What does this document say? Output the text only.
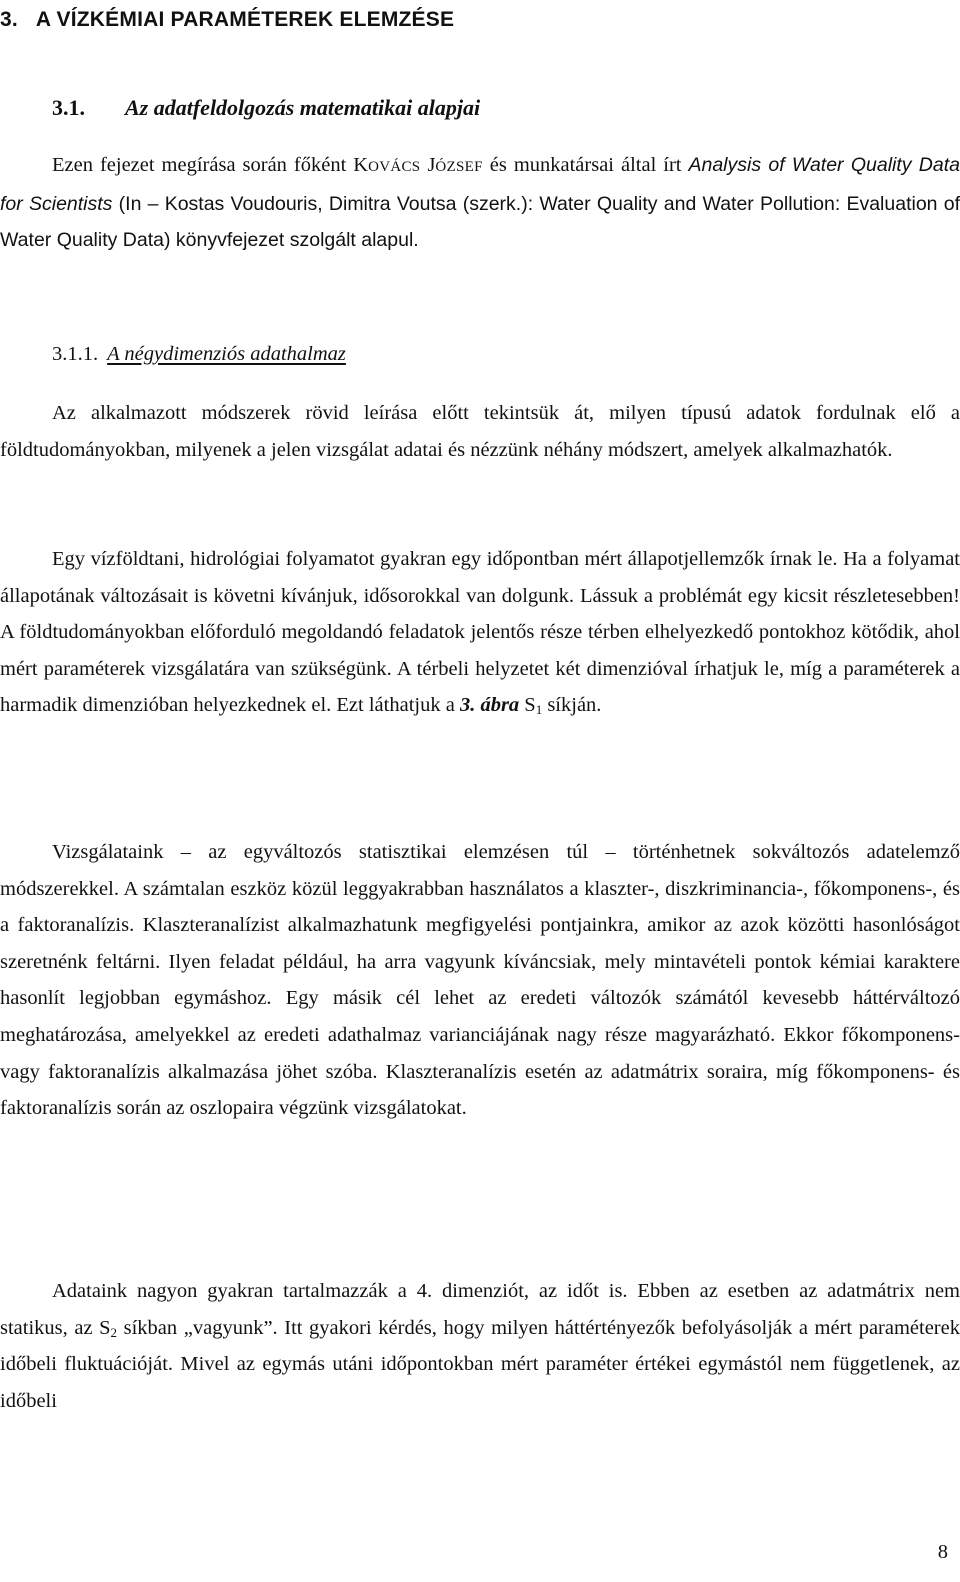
3. A VÍZKÉMIAI PARAMÉTEREK ELEMZÉSE
3.1. Az adatfeldolgozás matematikai alapjai

Ezen fejezet megírása során főként KOVÁCS JÓZSEF és munkatársai által írt Analysis of Water Quality Data for Scientists (In – Kostas Voudouris, Dimitra Voutsa (szerk.): Water Quality and Water Pollution: Evaluation of Water Quality Data) könyvfejezet szolgált alapul.

3.1.1. A négydimenziós adathalmaz

Az alkalmazott módszerek rövid leírása előtt tekintsük át, milyen típusú adatok fordulnak elő a földtudományokban, milyenek a jelen vizsgálat adatai és nézzünk néhány módszert, amelyek alkalmazhatók.

Egy vízföldtani, hidrológiai folyamatot gyakran egy időpontban mért állapotjellemzők írnak le. Ha a folyamat állapotának változásait is követni kívánjuk, idősorokkal van dolgunk. Lássuk a problémát egy kicsit részletesebben! A földtudományokban előforduló megoldandó feladatok jelentős része térben elhelyezkedő pontokhoz kötődik, ahol mért paraméterek vizsgálatára van szükségünk. A térbeli helyzetet két dimenzióval írhatjuk le, míg a paraméterek a harmadik dimenzióban helyezkednek el. Ezt láthatjuk a 3. ábra $S_1$ síkján.

Vizsgálataink – az egyváltozós statisztikai elemzésen túl – történhetnek sokváltozós adatelemző módszerekkel. A számtalan eszköz közül leggyakrabban használatos a klaszter-, diszkriminancia-, főkomponens-, és a faktoranalízis. Klaszteranalízist alkalmazhatunk megfigyelési pontjainkra, amikor az azok közötti hasonlóságot szeretnénk feltárni. Ilyen feladat például, ha arra vagyunk kíváncsiak, mely mintavételi pontok kémiai karaktere hasonlít legjobban egymáshoz. Egy másik cél lehet az eredeti változók számától kevesebb háttérváltozó meghatározása, amelyekkel az eredeti adathalmaz varianciájának nagy része magyarázható. Ekkor főkomponens- vagy faktoranalízis alkalmazása jöhet szóba. Klaszteranalízis esetén az adatmátrix soraira, míg főkomponens- és faktoranalízis során az oszlopaira végzünk vizsgálatokat.

Adataink nagyon gyakran tartalmazzák a 4. dimenziót, az időt is. Ebben az esetben az adatmátrix nem statikus, az $S_2$ síkban „vagyunk”. Itt gyakori kérdés, hogy milyen háttértényezők befolyásolják a mért paraméterek időbeli fluktuációját. Mivel az egymás utáni időpontokban mért paraméter értékei egymástól nem függetlenek, az időbeli

8
